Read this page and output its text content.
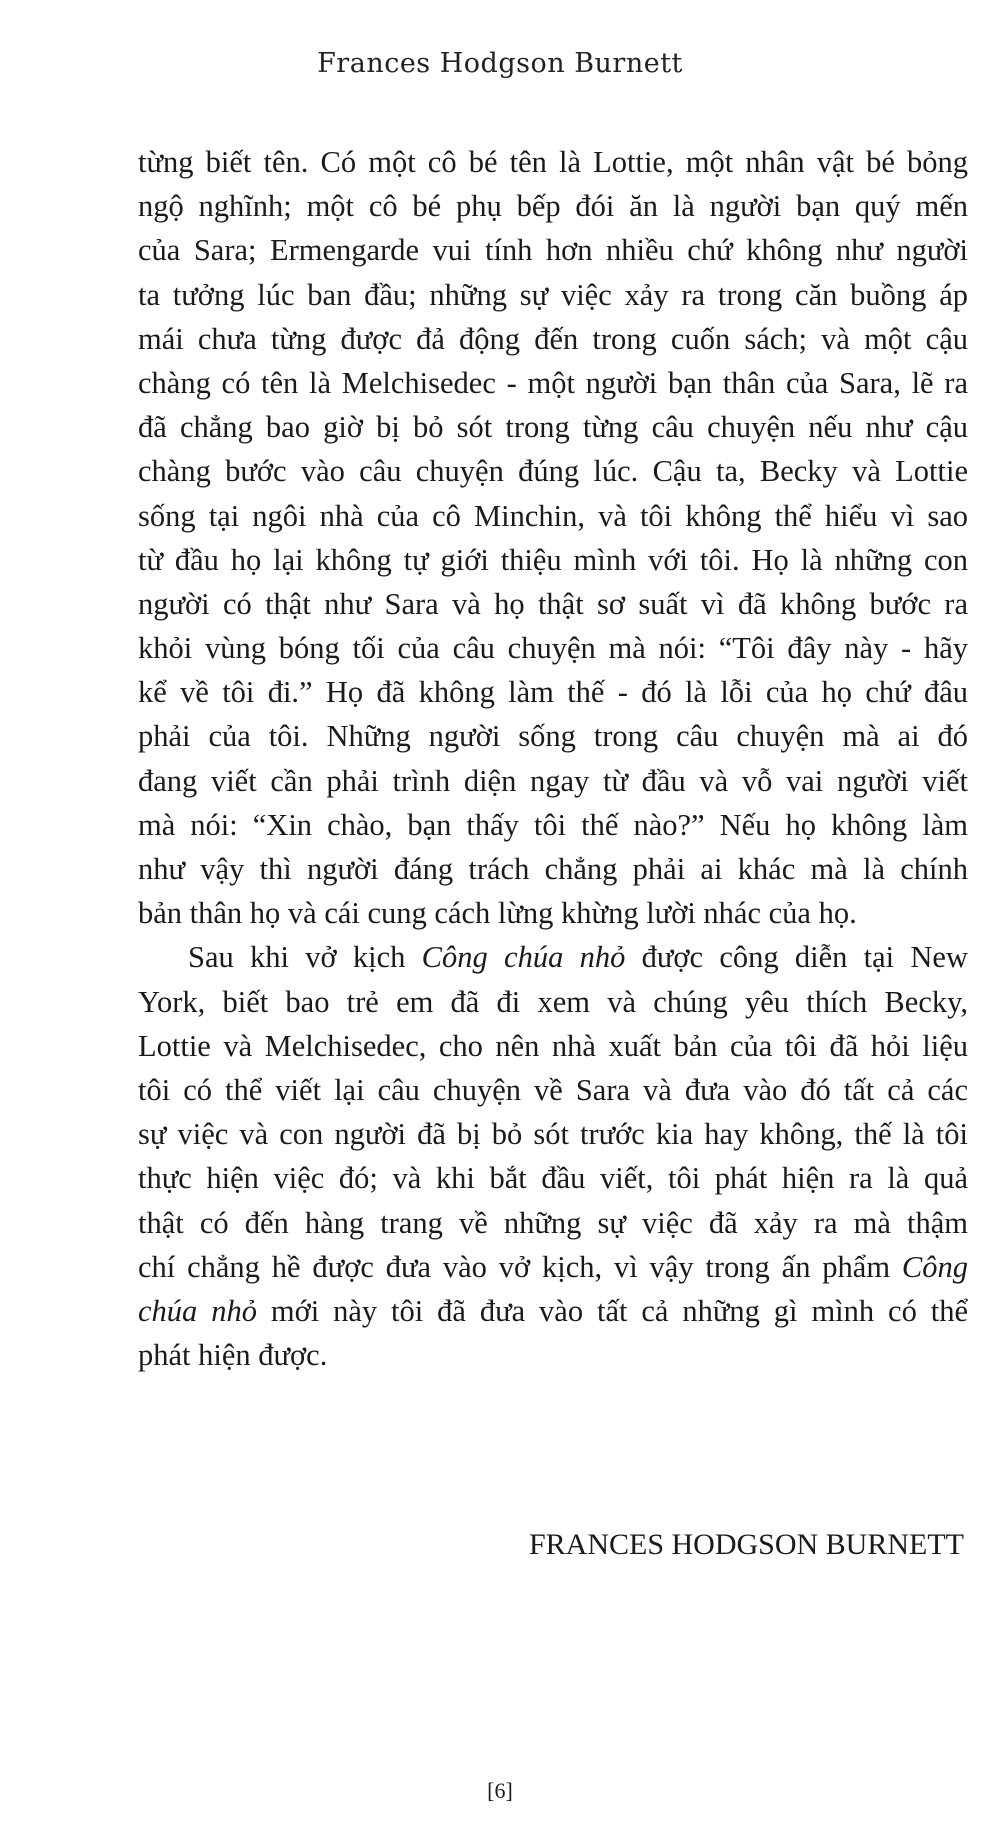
Frances Hodgson Burnett
từng biết tên. Có một cô bé tên là Lottie, một nhân vật bé bỏng
ngộ nghĩnh; một cô bé phụ bếp đói ăn là người bạn quý mến
của Sara; Ermengarde vui tính hơn nhiều chứ không như người
ta tưởng lúc ban đầu; những sự việc xảy ra trong căn buồng áp
mái chưa từng được đả động đến trong cuốn sách; và một cậu
chàng có tên là Melchisedec - một người bạn thân của Sara, lẽ ra
đã chẳng bao giờ bị bỏ sót trong từng câu chuyện nếu như cậu
chàng bước vào câu chuyện đúng lúc. Cậu ta, Becky và Lottie
sống tại ngôi nhà của cô Minchin, và tôi không thể hiểu vì sao
từ đầu họ lại không tự giới thiệu mình với tôi. Họ là những con
người có thật như Sara và họ thật sơ suất vì đã không bước ra
khỏi vùng bóng tối của câu chuyện mà nói: “Tôi đây này - hãy
kể về tôi đi.” Họ đã không làm thế - đó là lỗi của họ chứ đâu
phải của tôi. Những người sống trong câu chuyện mà ai đó
đang viết cần phải trình diện ngay từ đầu và vỗ vai người viết
mà nói: “Xin chào, bạn thấy tôi thế nào?” Nếu họ không làm
như vậy thì người đáng trách chẳng phải ai khác mà là chính
bản thân họ và cái cung cách lừng khừng lười nhác của họ.
Sau khi vở kịch Công chúa nhỏ được công diễn tại New
York, biết bao trẻ em đã đi xem và chúng yêu thích Becky,
Lottie và Melchisedec, cho nên nhà xuất bản của tôi đã hỏi liệu
tôi có thể viết lại câu chuyện về Sara và đưa vào đó tất cả các
sự việc và con người đã bị bỏ sót trước kia hay không, thế là tôi
thực hiện việc đó; và khi bắt đầu viết, tôi phát hiện ra là quả
thật có đến hàng trang về những sự việc đã xảy ra mà thậm
chí chẳng hề được đưa vào vở kịch, vì vậy trong ấn phẩm Công
chúa nhỏ mới này tôi đã đưa vào tất cả những gì mình có thể
phát hiện được.
FRANCES HODGSON BURNETT
[6]
